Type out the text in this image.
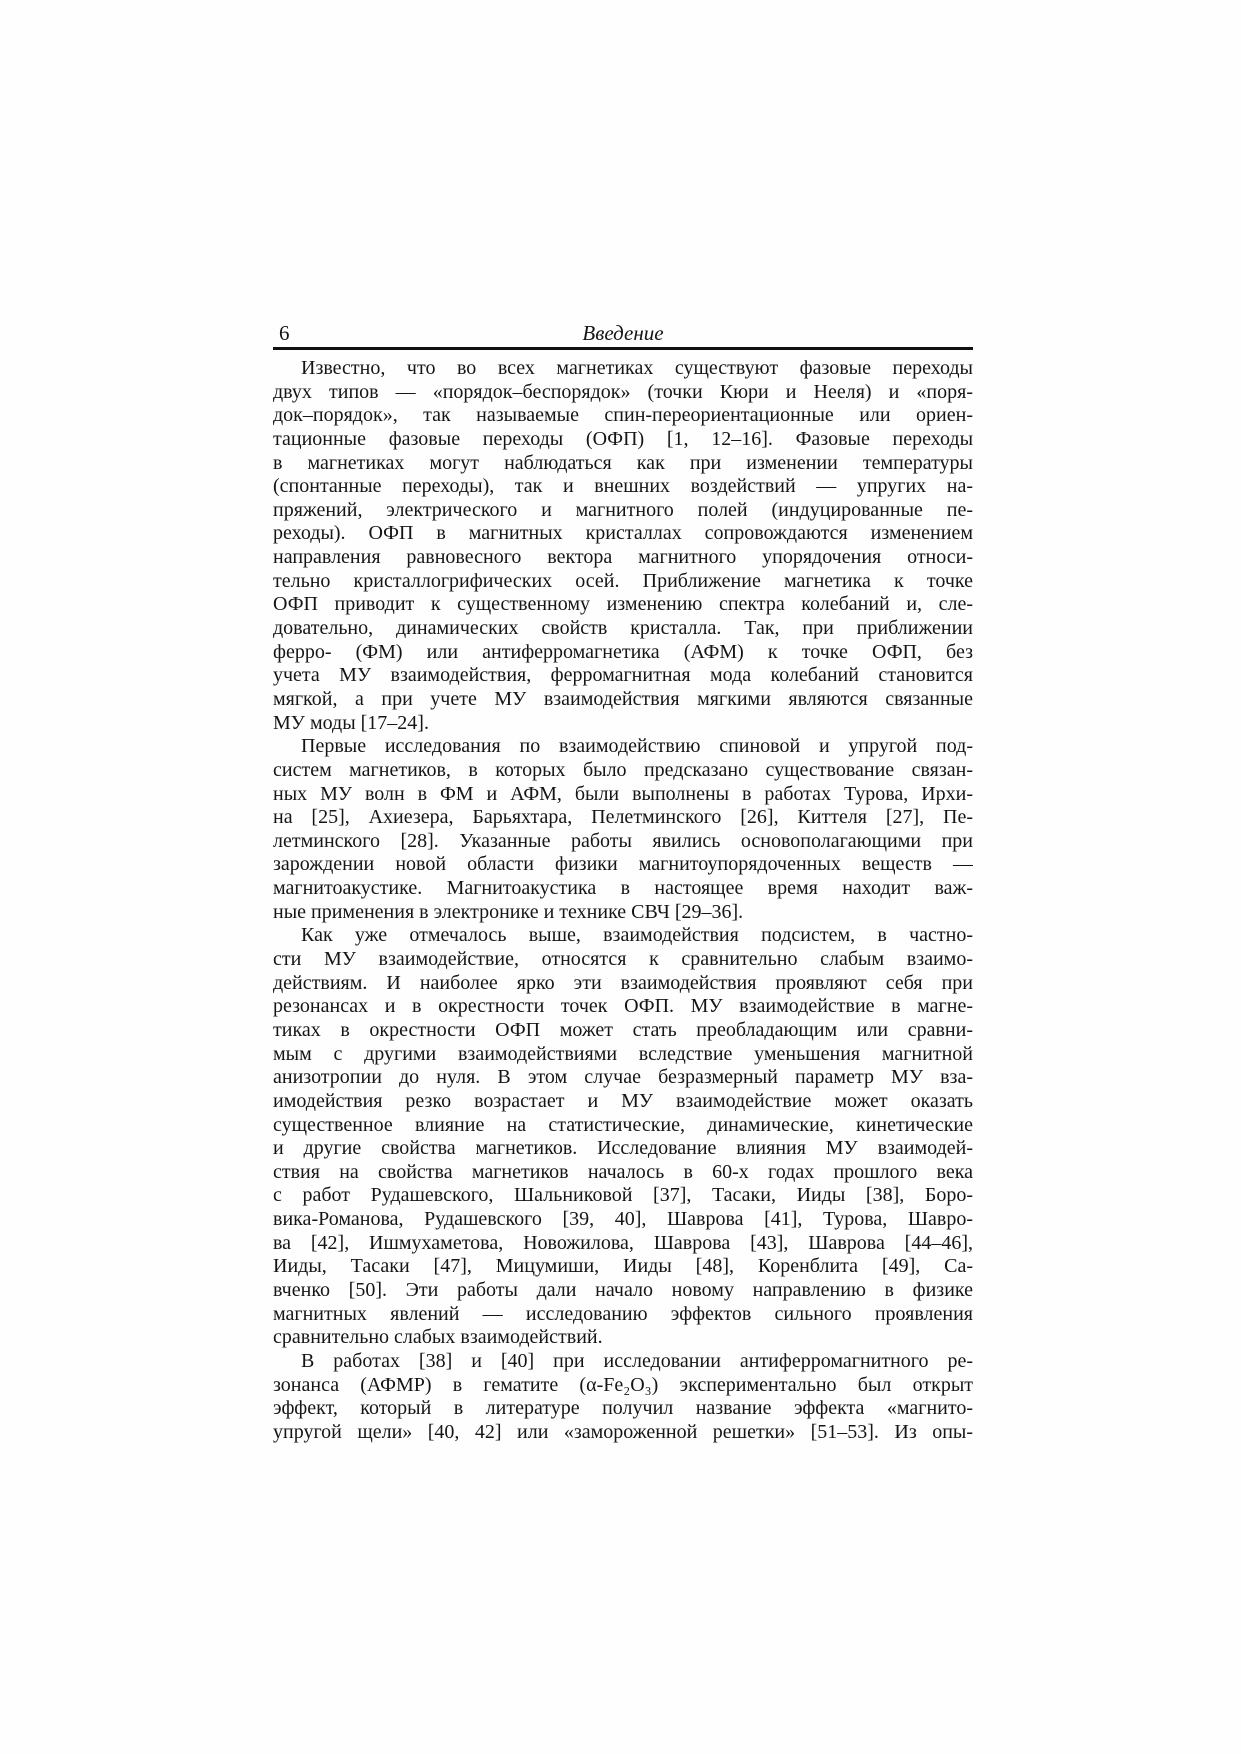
6	Введение
Известно, что во всех магнетиках существуют фазовые переходы
двух типов — «порядок–беспорядок» (точки Кюри и Нееля) и «поря-
док–порядок», так называемые спин-переориентационные или ориен-
тационные фазовые переходы (ОФП) [1, 12–16]. Фазовые переходы
в магнетиках могут наблюдаться как при изменении температуры
(спонтанные переходы), так и внешних воздействий — упругих на-
пряжений, электрического и магнитного полей (индуцированные пе-
реходы). ОФП в магнитных кристаллах сопровождаются изменением
направления равновесного вектора магнитного упорядочения относи-
тельно кристаллогрифических осей. Приближение магнетика к точке
ОФП приводит к существенному изменению спектра колебаний и, сле-
довательно, динамических свойств кристалла. Так, при приближении
ферро- (ФМ) или антиферромагнетика (АФМ) к точке ОФП, без
учета МУ взаимодействия, ферромагнитная мода колебаний становится
мягкой, а при учете МУ взаимодействия мягкими являются связанные
МУ моды [17–24].
Первые исследования по взаимодействию спиновой и упругой под-
систем магнетиков, в которых было предсказано существование связан-
ных МУ волн в ФМ и АФМ, были выполнены в работах Турова, Ирхи-
на [25], Ахиезера, Барьяхтара, Пелетминского [26], Киттеля [27], Пе-
летминского [28]. Указанные работы явились основополагающими при
зарождении новой области физики магнитоупорядоченных веществ —
магнитоакустике. Магнитоакустика в настоящее время находит важ-
ные применения в электронике и технике СВЧ [29–36].
Как уже отмечалось выше, взаимодействия подсистем, в частно-
сти МУ взаимодействие, относятся к сравнительно слабым взаимо-
действиям. И наиболее ярко эти взаимодействия проявляют себя при
резонансах и в окрестности точек ОФП. МУ взаимодействие в магне-
тиках в окрестности ОФП может стать преобладающим или сравни-
мым с другими взаимодействиями вследствие уменьшения магнитной
анизотропии до нуля. В этом случае безразмерный параметр МУ вза-
имодействия резко возрастает и МУ взаимодействие может оказать
существенное влияние на статистические, динамические, кинетические
и другие свойства магнетиков. Исследование влияния МУ взаимодей-
ствия на свойства магнетиков началось в 60-х годах прошлого века
с работ Рудашевского, Шальниковой [37], Тасаки, Ииды [38], Боро-
вика-Романова, Рудашевского [39, 40], Шаврова [41], Турова, Шавро-
ва [42], Ишмухаметова, Новожилова, Шаврова [43], Шаврова [44–46],
Ииды, Тасаки [47], Мицумиши, Ииды [48], Коренблита [49], Са-
вченко [50]. Эти работы дали начало новому направлению в физике
магнитных явлений — исследованию эффектов сильного проявления
сравнительно слабых взаимодействий.
В работах [38] и [40] при исследовании антиферромагнитного ре-
зонанса (АФМР) в гематите (α-Fe₂O₃) экспериментально был открыт
эффект, который в литературе получил название эффекта «магнито-
упругой щели» [40, 42] или «замороженной решетки» [51–53]. Из опы-
